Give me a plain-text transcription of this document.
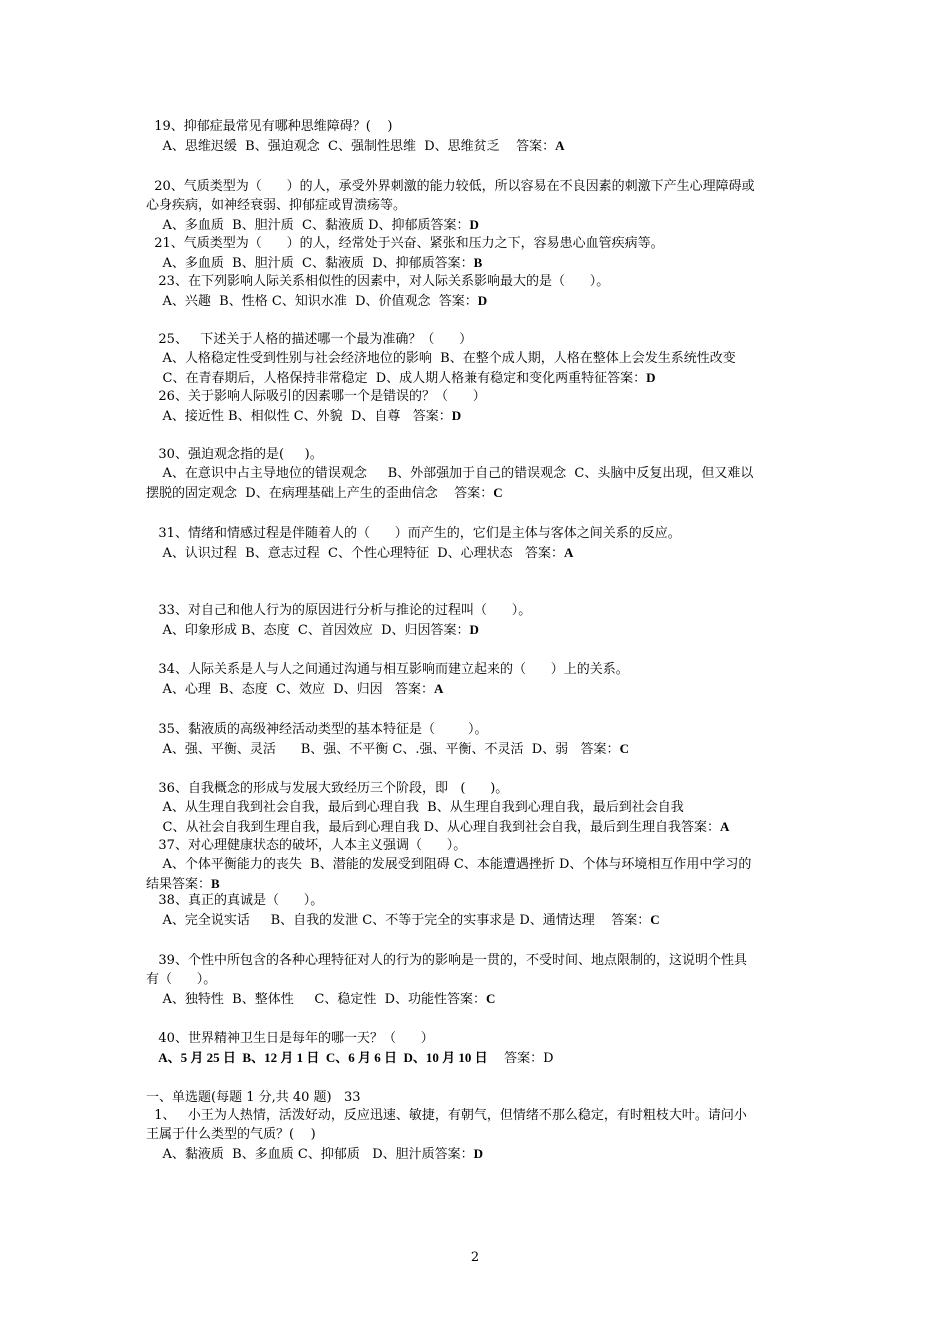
19、抑郁症最常见有哪种思维障碍？(    )
A、思维迟缓  B、强迫观念  C、强制性思维  D、思维贫乏    答案：A
20、气质类型为（      ）的人，承受外界刺激的能力较低，所以容易在不良因素的刺激下产生心理障碍或
心身疾病，如神经衰弱、抑郁症或胃溃疡等。
A、多血质  B、胆汁质  C、黏液质 D、抑郁质答案：D
21、气质类型为（      ）的人，经常处于兴奋、紧张和压力之下，容易患心血管疾病等。
A、多血质  B、胆汁质  C、黏液质  D、抑郁质答案：B
23、在下列影响人际关系相似性的因素中，对人际关系影响最大的是（      ）。
A、兴趣  B、性格 C、知识水准  D、价值观念  答案：D
25、   下述关于人格的描述哪一个最为准确？（      ）
A、人格稳定性受到性别与社会经济地位的影响  B、在整个成人期，人格在整体上会发生系统性改变
C、在青春期后，人格保持非常稳定  D、成人期人格兼有稳定和变化两重特征答案：D
26、关于影响人际吸引的因素哪一个是错误的？（      ）
A、接近性 B、相似性 C、外貌  D、自尊   答案：D
30、强迫观念指的是(     )。
A、在意识中占主导地位的错误观念     B、外部强加于自己的错误观念  C、头脑中反复出现，但又难以
摆脱的固定观念  D、在病理基础上产生的歪曲信念    答案：C
31、情绪和情感过程是伴随着人的（      ）而产生的，它们是主体与客体之间关系的反应。
A、认识过程  B、意志过程  C、个性心理特征  D、心理状态   答案：A
33、对自己和他人行为的原因进行分析与推论的过程叫（      ）。
A、印象形成 B、态度  C、首因效应  D、归因答案：D
34、人际关系是人与人之间通过沟通与相互影响而建立起来的（      ）上的关系。
A、心理  B、态度  C、效应  D、归因   答案：A
35、黏液质的高级神经活动类型的基本特征是（        ）。
A、强、平衡、灵活      B、强、不平衡 C、.强、平衡、不灵活  D、弱   答案：C
36、自我概念的形成与发展大致经历三个阶段，即   (      )。
A、从生理自我到社会自我，最后到心理自我  B、从生理自我到心理自我，最后到社会自我
C、从社会自我到生理自我，最后到心理自我 D、从心理自我到社会自我，最后到生理自我答案：A
37、对心理健康状态的破坏，人本主义强调（      ）。
A、个体平衡能力的丧失  B、潜能的发展受到阻碍 C、本能遭遇挫折 D、个体与环境相互作用中学习的
结果答案：B
38、真正的真诚是（      ）。
A、完全说实话     B、自我的发泄 C、不等于完全的实事求是 D、通情达理    答案：C
39、个性中所包含的各种心理特征对人的行为的影响是一贯的，不受时间、地点限制的，这说明个性具
有（      ）。
A、独特性  B、整体性     C、稳定性  D、功能性答案：C
40、世界精神卫生日是每年的哪一天？（      ）
A、5 月 25 日  B、12 月 1 日  C、6 月 6 日  D、10 月 10 日    答案：D
一、单选题(每题 1 分,共 40 题)   33
1、   小王为人热情，活泼好动，反应迅速、敏捷，有朝气，但情绪不那么稳定，有时粗枝大叶。请问小
王属于什么类型的气质？(    )
A、黏液质  B、多血质 C、抑郁质   D、胆汁质答案：D
2
